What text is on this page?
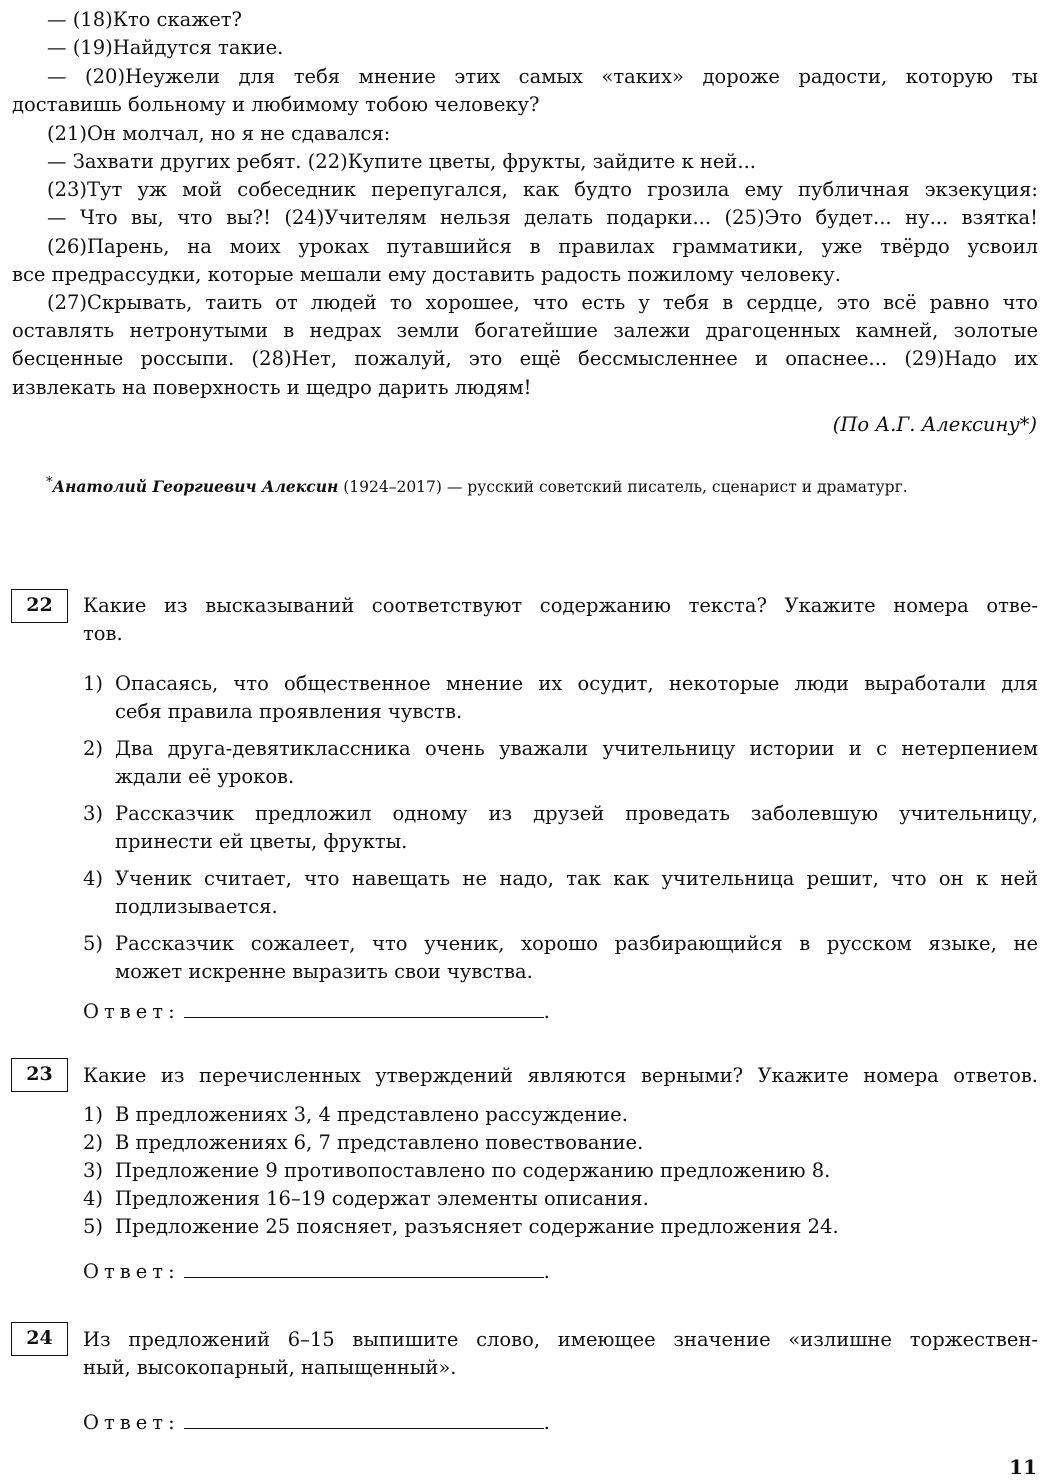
— (18)Кто скажет?
— (19)Найдутся такие.
— (20)Неужели для тебя мнение этих самых «таких» дороже радости, которую ты
доставишь больному и любимому тобою человеку?
(21)Он молчал, но я не сдавался:
— Захвати других ребят. (22)Купите цветы, фрукты, зайдите к ней...
(23)Тут уж мой собеседник перепугался, как будто грозила ему публичная экзекуция:
— Что вы, что вы?! (24)Учителям нельзя делать подарки... (25)Это будет... ну... взятка!
(26)Парень, на моих уроках путавшийся в правилах грамматики, уже твёрдо усвоил
все предрассудки, которые мешали ему доставить радость пожилому человеку.
(27)Скрывать, таить от людей то хорошее, что есть у тебя в сердце, это всё равно что
оставлять нетронутыми в недрах земли богатейшие залежи драгоценных камней, золотые
бесценные россыпи. (28)Нет, пожалуй, это ещё бессмысленнее и опаснее... (29)Надо их
извлекать на поверхность и щедро дарить людям!
(По А.Г. Алексину*)
*Анатолий Георгиевич Алексин (1924–2017) — русский советский писатель, сценарист и драматург.
22	Какие из высказываний соответствуют содержанию текста? Укажите номера отве-
тов.
1) Опасаясь, что общественное мнение их осудит, некоторые люди выработали для
себя правила проявления чувств.
2) Два друга-девятиклассника очень уважали учительницу истории и с нетерпением
ждали её уроков.
3) Рассказчик предложил одному из друзей проведать заболевшую учительницу,
принести ей цветы, фрукты.
4) Ученик считает, что навещать не надо, так как учительница решит, что он к ней
подлизывается.
5) Рассказчик сожалеет, что ученик, хорошо разбирающийся в русском языке, не
может искренне выразить свои чувства.
Ответ:	.
23	Какие из перечисленных утверждений являются верными? Укажите номера ответов.
1) В предложениях 3, 4 представлено рассуждение.
2) В предложениях 6, 7 представлено повествование.
3) Предложение 9 противопоставлено по содержанию предложению 8.
4) Предложения 16–19 содержат элементы описания.
5) Предложение 25 поясняет, разъясняет содержание предложения 24.
Ответ:	.
24	Из предложений 6–15 выпишите слово, имеющее значение «излишне торжествен-
ный, высокопарный, напыщенный».
Ответ:	.
11
